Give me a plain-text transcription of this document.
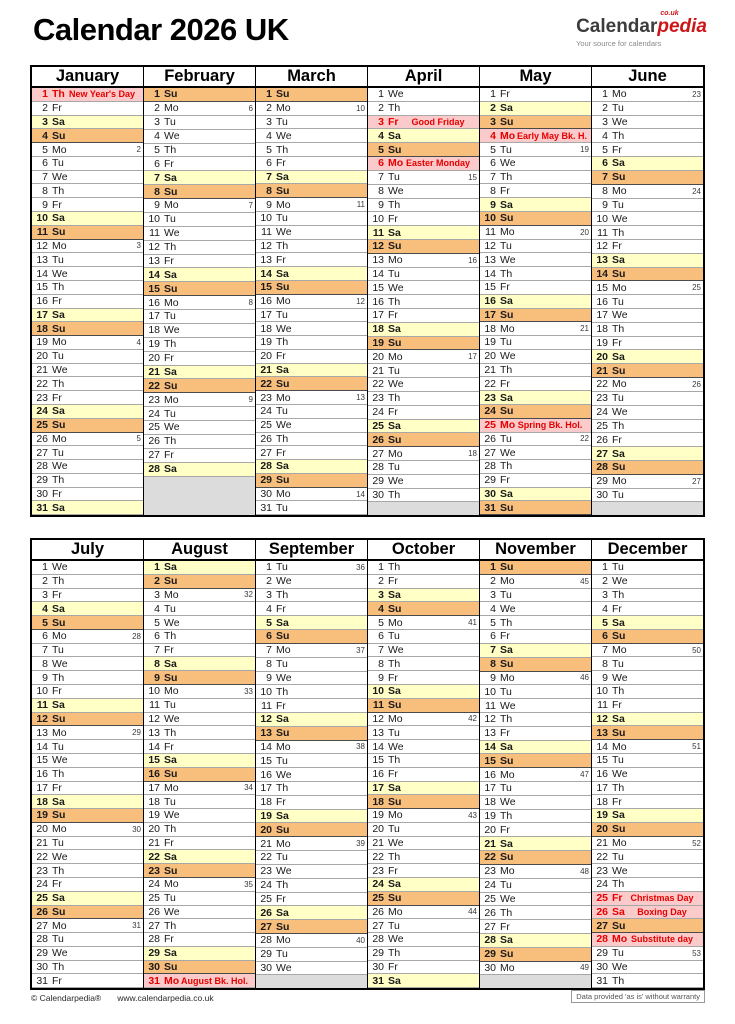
Calendar 2026 UK	Calendar
co.uk
pedia
Your source for calendars
January
1 Th New Year's Day
2 Fr
3 Sa
4 Su
5 Mo	2
6 Tu
7 We
8 Th
9 Fr
10 Sa
11 Su
12 Mo	3
13 Tu
14 We
15 Th
16 Fr
17 Sa
18 Su
19 Mo	4
20 Tu
21 We
22 Th
23 Fr
24 Sa
25 Su
26 Mo	5
27 Tu
28 We
29 Th
30 Fr
31 Sa
February
1 Su
2 Mo	6
3 Tu
4 We
5 Th
6 Fr
7 Sa
8 Su
9 Mo	7
10 Tu
11 We
12 Th
13 Fr
14 Sa
15 Su
16 Mo	8
17 Tu
18 We
19 Th
20 Fr
21 Sa
22 Su
23 Mo	9
24 Tu
25 We
26 Th
27 Fr
28 Sa
March
1 Su
2 Mo	10
3 Tu
4 We
5 Th
6 Fr
7 Sa
8 Su
9 Mo	11
10 Tu
11 We
12 Th
13 Fr
14 Sa
15 Su
16 Mo	12
17 Tu
18 We
19 Th
20 Fr
21 Sa
22 Su
23 Mo	13
24 Tu
25 We
26 Th
27 Fr
28 Sa
29 Su
30 Mo	14
31 Tu
April
1 We
2 Th
3 Fr	Good Friday
4 Sa
5 Su
6 Mo Easter Monday
7 Tu	15
8 We
9 Th
10 Fr
11 Sa
12 Su
13 Mo	16
14 Tu
15 We
16 Th
17 Fr
18 Sa
19 Su
20 Mo	17
21 Tu
22 We
23 Th
24 Fr
25 Sa
26 Su
27 Mo	18
28 Tu
29 We
30 Th
May
1 Fr
2 Sa
3 Su
4 Mo Early May Bk. H.
5 Tu	19
6 We
7 Th
8 Fr
9 Sa
10 Su
11 Mo	20
12 Tu
13 We
14 Th
15 Fr
16 Sa
17 Su
18 Mo	21
19 Tu
20 We
21 Th
22 Fr
23 Sa
24 Su
25 Mo Spring Bk. Hol.
26 Tu	22
27 We
28 Th
29 Fr
30 Sa
31 Su
June
1 Mo	23
2 Tu
3 We
4 Th
5 Fr
6 Sa
7 Su
8 Mo	24
9 Tu
10 We
11 Th
12 Fr
13 Sa
14 Su
15 Mo	25
16 Tu
17 We
18 Th
19 Fr
20 Sa
21 Su
22 Mo	26
23 Tu
24 We
25 Th
26 Fr
27 Sa
28 Su
29 Mo	27
30 Tu
July
1 We
2 Th
3 Fr
4 Sa
5 Su
6 Mo	28
7 Tu
8 We
9 Th
10 Fr
11 Sa
12 Su
13 Mo	29
14 Tu
15 We
16 Th
17 Fr
18 Sa
19 Su
20 Mo	30
21 Tu
22 We
23 Th
24 Fr
25 Sa
26 Su
27 Mo	31
28 Tu
29 We
30 Th
31 Fr
August
1 Sa
2 Su
3 Mo	32
4 Tu
5 We
6 Th
7 Fr
8 Sa
9 Su
10 Mo	33
11 Tu
12 We
13 Th
14 Fr
15 Sa
16 Su
17 Mo	34
18 Tu
19 We
20 Th
21 Fr
22 Sa
23 Su
24 Mo	35
25 Tu
26 We
27 Th
28 Fr
29 Sa
30 Su
31 Mo August Bk. Hol.
September
1 Tu	36
2 We
3 Th
4 Fr
5 Sa
6 Su
7 Mo	37
8 Tu
9 We
10 Th
11 Fr
12 Sa
13 Su
14 Mo	38
15 Tu
16 We
17 Th
18 Fr
19 Sa
20 Su
21 Mo	39
22 Tu
23 We
24 Th
25 Fr
26 Sa
27 Su
28 Mo	40
29 Tu
30 We
October
1 Th
2 Fr
3 Sa
4 Su
5 Mo	41
6 Tu
7 We
8 Th
9 Fr
10 Sa
11 Su
12 Mo	42
13 Tu
14 We
15 Th
16 Fr
17 Sa
18 Su
19 Mo	43
20 Tu
21 We
22 Th
23 Fr
24 Sa
25 Su
26 Mo	44
27 Tu
28 We
29 Th
30 Fr
31 Sa
November
1 Su
2 Mo	45
3 Tu
4 We
5 Th
6 Fr
7 Sa
8 Su
9 Mo	46
10 Tu
11 We
12 Th
13 Fr
14 Sa
15 Su
16 Mo	47
17 Tu
18 We
19 Th
20 Fr
21 Sa
22 Su
23 Mo	48
24 Tu
25 We
26 Th
27 Fr
28 Sa
29 Su
30 Mo	49
December
1 Tu
2 We
3 Th
4 Fr
5 Sa
6 Su
7 Mo	50
8 Tu
9 We
10 Th
11 Fr
12 Sa
13 Su
14 Mo	51
15 Tu
16 We
17 Th
18 Fr
19 Sa
20 Su
21 Mo	52
22 Tu
23 We
24 Th
25 Fr Christmas Day
26 Sa	Boxing Day
27 Su
28 Mo Substitute day
29 Tu	53
30 We
31 Th
© Calendarpedia® www.calendarpedia.co.uk	Data provided 'as is' without warranty
